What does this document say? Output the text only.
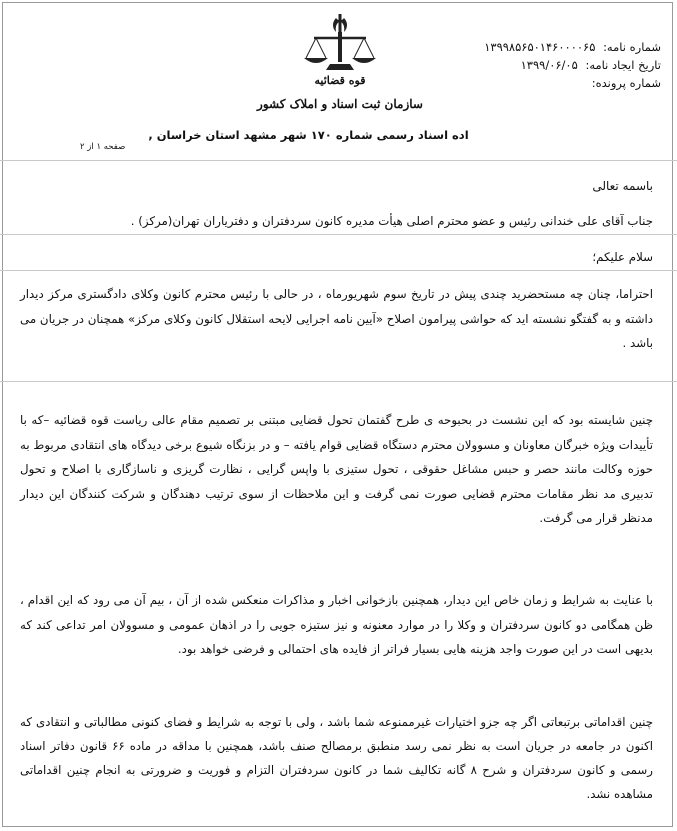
شماره نامه: ۱۳۹۹۸۵۶۵۰۱۴۶۰۰۰۰۶۵
تاریخ ایجاد نامه: ۱۳۹۹/۰۶/۰۵
شماره پرونده:
قوه قضائیه
سازمان ثبت اسناد و املاک کشور
اده اسناد رسمی شماره ۱۷۰ شهر مشهد استان خراسان ,
صفحه ۱ از ۲
باسمه تعالی
جناب آقای علی خندانی رئیس و عضو محترم اصلی هیأت مدیره کانون سردفتران و دفترياران تهران(مرکز) .
سلام علیکم؛
احتراما، چنان چه مستحضرید چندی پیش در تاریخ سوم شهریورماه ، در حالی با رئیس محترم کانون وکلای دادگستری مرکز دیدار داشته و به گفتگو نشسته اید که حواشی پیرامون اصلاح «آیین نامه اجرایی لایحه استقلال کانون وکلای مرکز» همچنان در جریان می باشد .
چنین شایسته بود که این نشست در بحبوحه ی طرح گفتمان تحول قضایی مبتنی بر تصمیم مقام عالی ریاست قوه قضائیه –که با تأییدات ویژه خبرگان معاونان و مسوولان محترم دستگاه قضایی قوام یافته – و در بزنگاه شیوع برخی دیدگاه های انتقادی مربوط به حوزه وکالت مانند حصر و حبس مشاغل حقوقی ، تحول ستیزی با واپس گرایی ، نظارت گریزی و ناسازگاری با اصلاح و تحول تدبیری مد نظر مقامات محترم قضایی صورت نمی گرفت و این ملاحظات از سوی ترتیب دهندگان و شرکت کنندگان این دیدار مدنظر قرار می گرفت.
با عنایت به شرایط و زمان خاص این دیدار، همچنین بازخوانی اخبار و مذاکرات منعکس شده از آن ، بیم آن می رود که این اقدام ، ظن همگامی دو کانون سردفتران و وکلا را در موارد معنونه و نیز ستیزه جویی را در اذهان عمومی و مسوولان امر تداعی کند که بدیهی است در این صورت واجد هزینه هایی بسیار فراتر از فایده های احتمالی و فرضی خواهد بود.
چنین اقداماتی برتبعاتی اگر چه جزو اختیارات غیرممنوعه شما باشد ، ولی با توجه به شرایط و فضای کنونی مطالباتی و انتقادی که اکنون در جامعه در جریان است به نظر نمی رسد منطبق برمصالح صنف باشد، همچنین با مداقه در ماده ۶۶ قانون دفاتر اسناد رسمی و کانون سردفتران و شرح ۸ گانه تکالیف شما در کانون سردفتران التزام و فوریت و ضرورتی به انجام چنین اقداماتی مشاهده نشد.
